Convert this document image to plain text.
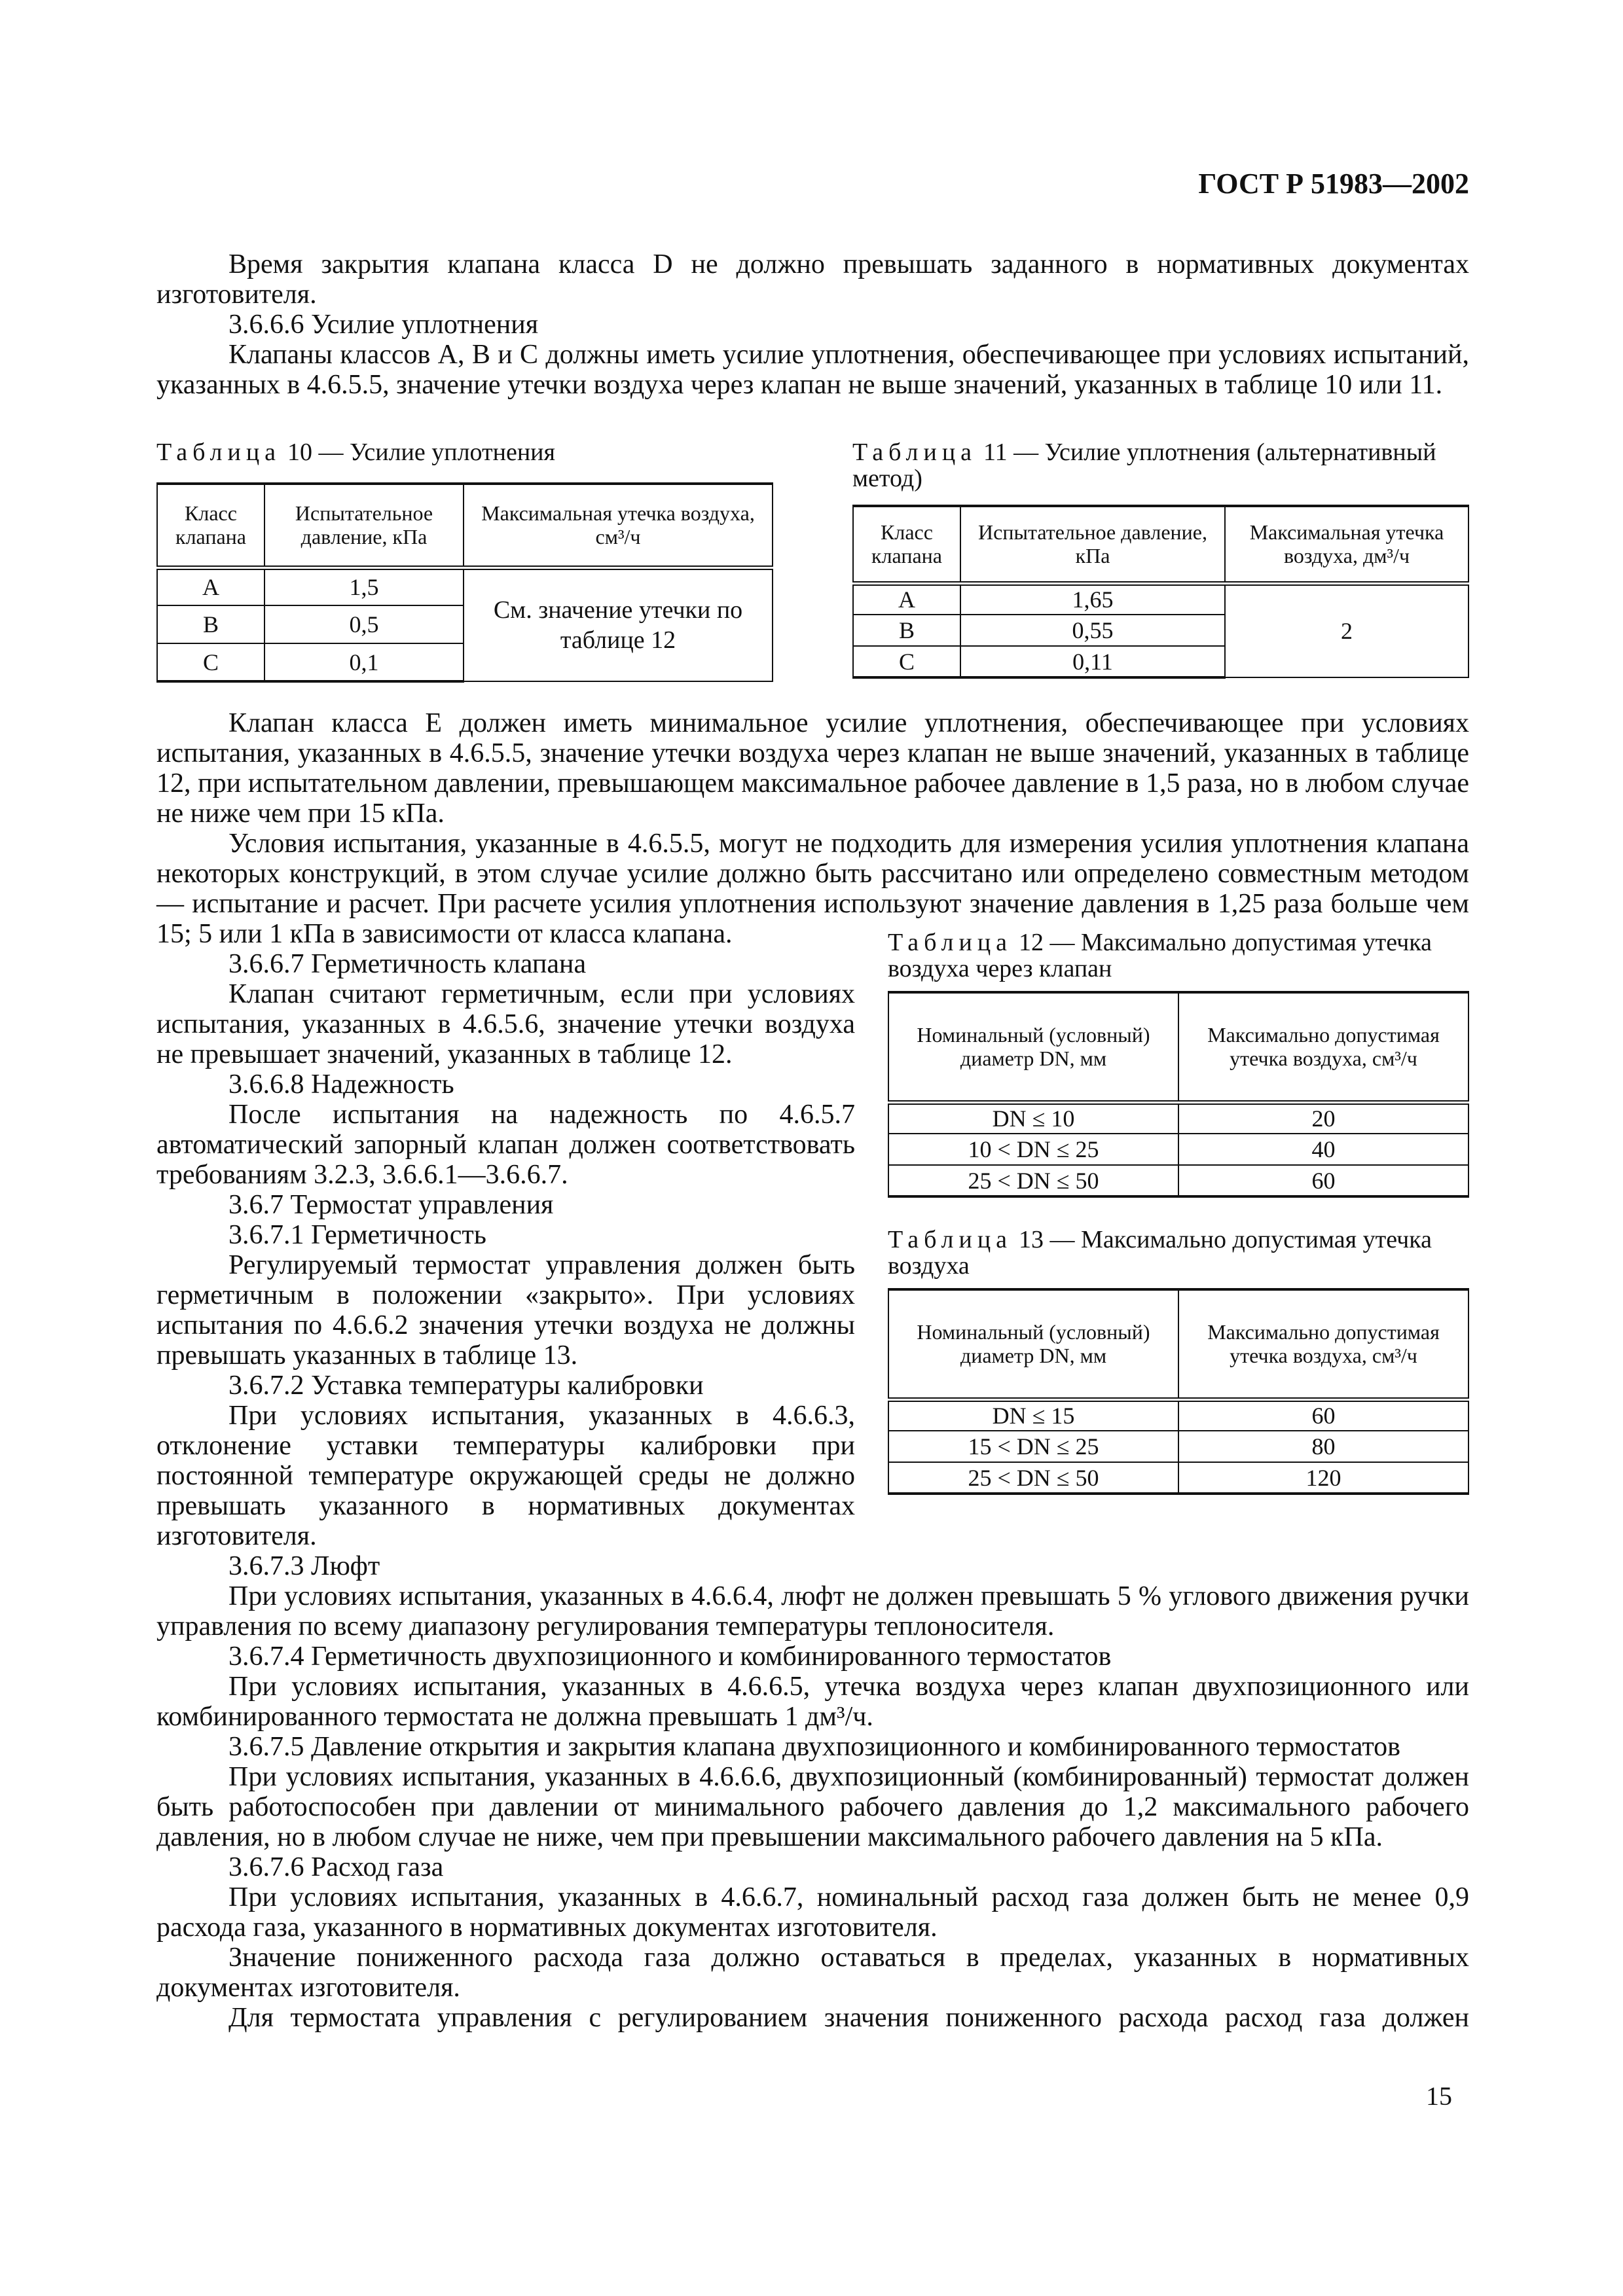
ГОСТ Р 51983—2002

Время закрытия клапана класса D не должно превышать заданного в нормативных документах изготовителя.

3.6.6.6 Усилие уплотнения

Клапаны классов А, В и С должны иметь усилие уплотнения, обеспечивающее при условиях испытаний, указанных в 4.6.5.5, значение утечки воздуха через клапан не выше значений, указанных в таблице 10 или 11.

Таблица 10 — Усилие уплотнения
Класс клапана	Испытательное давление, кПа	Максимальная утечка воздуха, см³/ч
А	1,5	См. значение утечки по таблице 12
В	0,5	
С	0,1	
Таблица 11 — Усилие уплотнения (альтернативный метод)
Класс клапана	Испытательное давление, кПа	Максимальная утечка воздуха, дм³/ч
А	1,65	2
В	0,55	
С	0,11	

Клапан класса Е должен иметь минимальное усилие уплотнения, обеспечивающее при условиях испытания, указанных в 4.6.5.5, значение утечки воздуха через клапан не выше значений, указанных в таблице 12, при испытательном давлении, превышающем максимальное рабочее давление в 1,5 раза, но в любом случае не ниже чем при 15 кПа.

Таблица 12 — Максимально допустимая утечка воздуха через клапан
Номинальный (условный) диаметр DN, мм	Максимально допустимая утечка воздуха, см³/ч
DN ≤ 10	20
10 < DN ≤ 25	40
25 < DN ≤ 50	60
Таблица 13 — Максимально допустимая утечка воздуха
Номинальный (условный) диаметр DN, мм	Максимально допустимая утечка воздуха, см³/ч
DN ≤ 15	60
15 < DN ≤ 25	80
25 < DN ≤ 50	120

Условия испытания, указанные в 4.6.5.5, могут не подходить для измерения усилия уплотнения клапана некоторых конструкций, в этом случае усилие должно быть рассчитано или определено совместным методом — испытание и расчет. При расчете усилия уплотнения используют значение давления в 1,25 раза больше чем 15; 5 или 1 кПа в зависимости от класса клапана.

3.6.6.7 Герметичность клапана

Клапан считают герметичным, если при условиях испытания, указанных в 4.6.5.6, значение утечки воздуха не превышает значений, указанных в таблице 12.

3.6.6.8 Надежность

После испытания на надежность по 4.6.5.7 автоматический запорный клапан должен соответствовать требованиям 3.2.3, 3.6.6.1—3.6.6.7.

3.6.7 Термостат управления

3.6.7.1 Герметичность

Регулируемый термостат управления должен быть герметичным в положении «закрыто». При условиях испытания по 4.6.6.2 значения утечки воздуха не должны превышать указанных в таблице 13.

3.6.7.2 Уставка температуры калибровки

При условиях испытания, указанных в 4.6.6.3, отклонение уставки температуры калибровки при постоянной температуре окружающей среды не должно превышать указанного в нормативных документах изготовителя.

3.6.7.3 Люфт

При условиях испытания, указанных в 4.6.6.4, люфт не должен превышать 5 % углового движения ручки управления по всему диапазону регулирования температуры теплоносителя.

3.6.7.4 Герметичность двухпозиционного и комбинированного термостатов

При условиях испытания, указанных в 4.6.6.5, утечка воздуха через клапан двухпозиционного или комбинированного термостата не должна превышать 1 дм³/ч.

3.6.7.5 Давление открытия и закрытия клапана двухпозиционного и комбинированного термостатов

При условиях испытания, указанных в 4.6.6.6, двухпозиционный (комбинированный) термостат должен быть работоспособен при давлении от минимального рабочего давления до 1,2 максимального рабочего давления, но в любом случае не ниже, чем при превышении максимального рабочего давления на 5 кПа.

3.6.7.6 Расход газа

При условиях испытания, указанных в 4.6.6.7, номинальный расход газа должен быть не менее 0,9 расхода газа, указанного в нормативных документах изготовителя.

Значение пониженного расхода газа должно оставаться в пределах, указанных в нормативных документах изготовителя.

Для термостата управления с регулированием значения пониженного расхода расход газа должен

15
